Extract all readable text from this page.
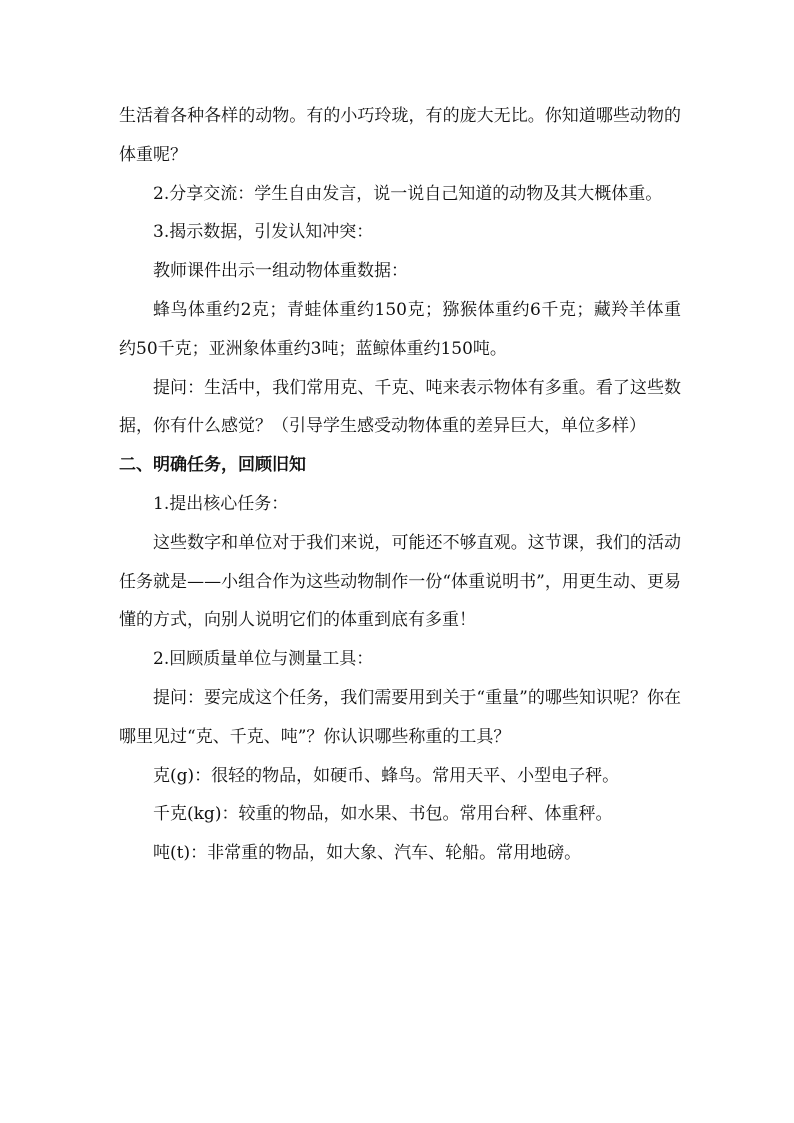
生活着各种各样的动物。有的小巧玲珑，有的庞大无比。你知道哪些动物的体重呢？

2.分享交流：学生自由发言，说一说自己知道的动物及其大概体重。

3.揭示数据，引发认知冲突：

教师课件出示一组动物体重数据：

蜂鸟体重约2克；青蛙体重约150克；猕猴体重约6千克；藏羚羊体重约50千克；亚洲象体重约3吨；蓝鲸体重约150吨。

提问：生活中，我们常用克、千克、吨来表示物体有多重。看了这些数据，你有什么感觉？（引导学生感受动物体重的差异巨大，单位多样）

二、明确任务，回顾旧知

1.提出核心任务：

这些数字和单位对于我们来说，可能还不够直观。这节课，我们的活动任务就是——小组合作为这些动物制作一份“体重说明书”，用更生动、更易懂的方式，向别人说明它们的体重到底有多重！

2.回顾质量单位与测量工具：

提问：要完成这个任务，我们需要用到关于“重量”的哪些知识呢？你在哪里见过“克、千克、吨”？你认识哪些称重的工具？

克(g)：很轻的物品，如硬币、蜂鸟。常用天平、小型电子秤。

千克(kg)：较重的物品，如水果、书包。常用台秤、体重秤。

吨(t)：非常重的物品，如大象、汽车、轮船。常用地磅。
